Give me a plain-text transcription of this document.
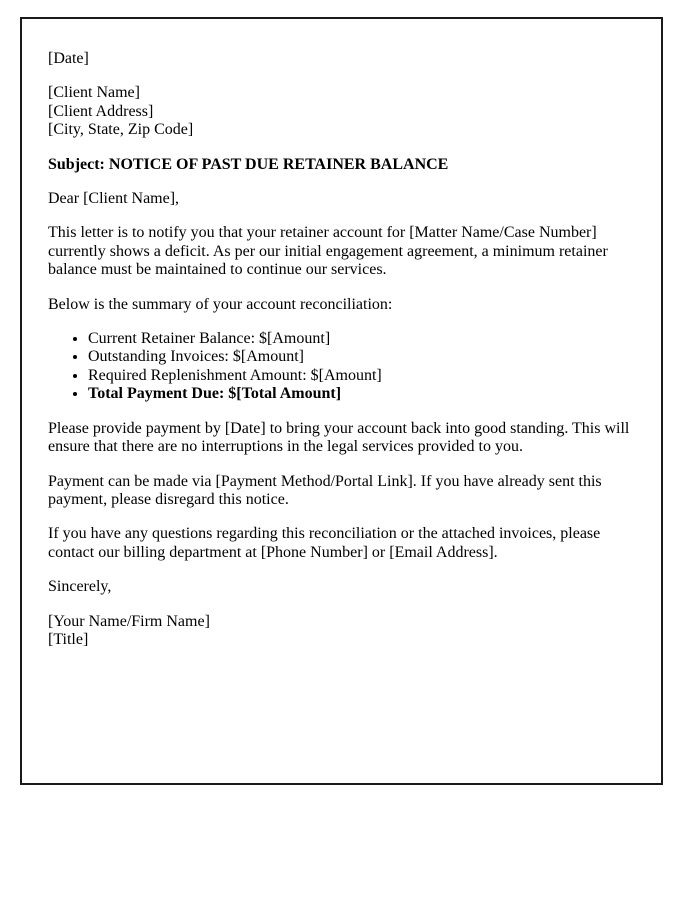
[Date]

[Client Name]
[Client Address]
[City, State, Zip Code]

Subject: NOTICE OF PAST DUE RETAINER BALANCE

Dear [Client Name],

This letter is to notify you that your retainer account for [Matter Name/Case Number] currently shows a deficit. As per our initial engagement agreement, a minimum retainer balance must be maintained to continue our services.

Below is the summary of your account reconciliation:

• Current Retainer Balance: $[Amount]
• Outstanding Invoices: $[Amount]
• Required Replenishment Amount: $[Amount]
• Total Payment Due: $[Total Amount]

Please provide payment by [Date] to bring your account back into good standing. This will ensure that there are no interruptions in the legal services provided to you.

Payment can be made via [Payment Method/Portal Link]. If you have already sent this payment, please disregard this notice.

If you have any questions regarding this reconciliation or the attached invoices, please contact our billing department at [Phone Number] or [Email Address].

Sincerely,

[Your Name/Firm Name]
[Title]
